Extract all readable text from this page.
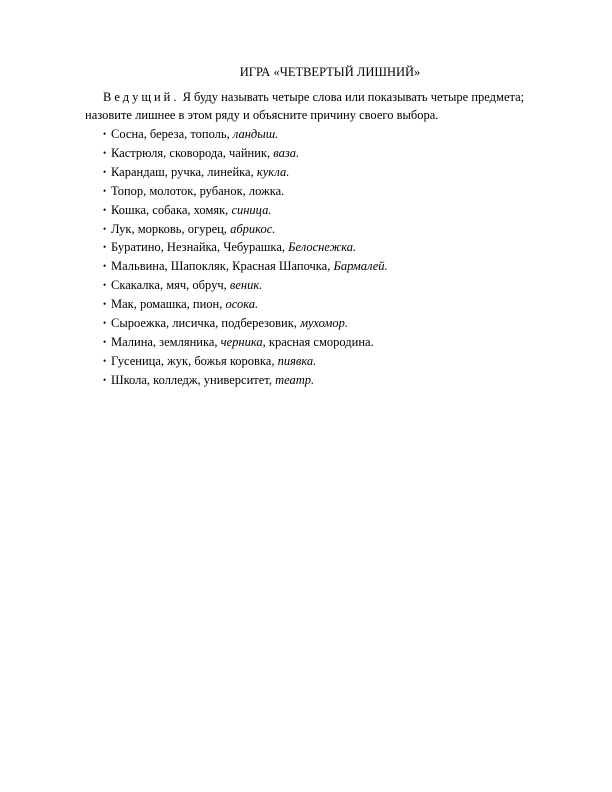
ИГРА «ЧЕТВЕРТЫЙ ЛИШНИЙ»
Ведущий. Я буду называть четыре слова или показывать четыре предмета;
назовите лишнее в этом ряду и объясните причину своего выбора.
• Сосна, береза, тополь, ландыш.
• Кастрюля, сковорода, чайник, ваза.
• Карандаш, ручка, линейка, кукла.
• Топор, молоток, рубанок, ложка.
• Кошка, собака, хомяк, синица.
• Лук, морковь, огурец, абрикос.
• Буратино, Незнайка, Чебурашка, Белоснежка.
• Мальвина, Шапокляк, Красная Шапочка, Бармалей.
• Скакалка, мяч, обруч, веник.
• Мак, ромашка, пион, осока.
• Сыроежка, лисичка, подберезовик, мухомор.
• Малина, земляника, черника, красная смородина.
• Гусеница, жук, божья коровка, пиявка.
• Школа, колледж, университет, театр.
